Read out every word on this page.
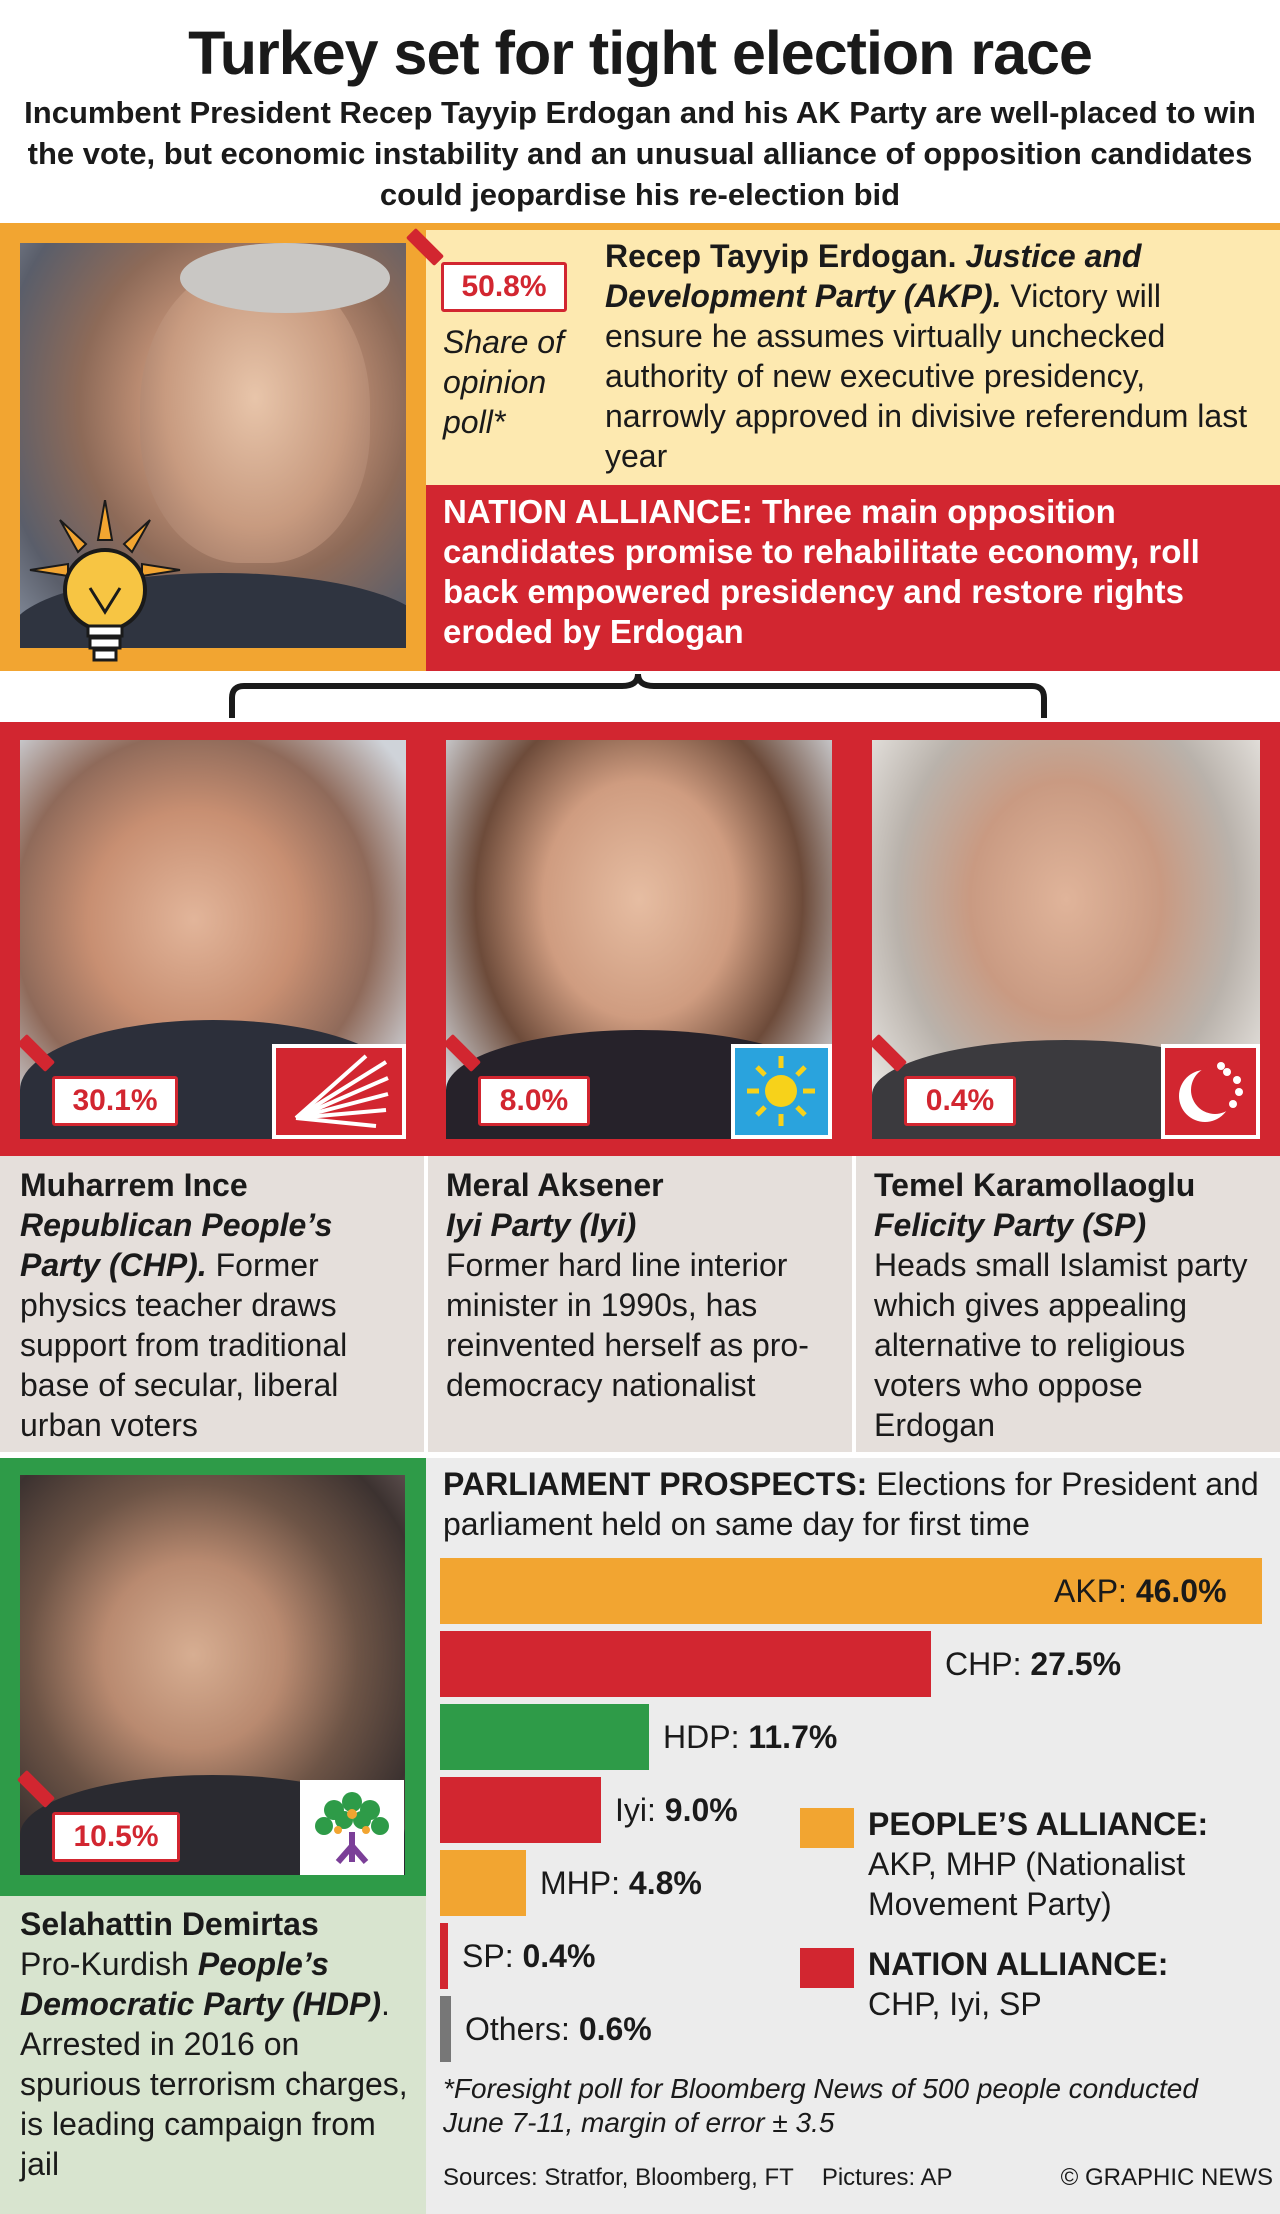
Turkey set for tight election race
Incumbent President Recep Tayyip Erdogan and his AK Party are well-placed to win the vote, but economic instability and an unusual alliance of opposition candidates could jeopardise his re-election bid
50.8%
Share of opinion poll*
Recep Tayyip Erdogan. Justice and Development Party (AKP). Victory will ensure he assumes virtually unchecked authority of new executive presidency, narrowly approved in divisive referendum last year
NATION ALLIANCE: Three main opposition candidates promise to rehabilitate economy, roll back empowered presidency and restore rights eroded by Erdogan
30.1%	8.0%	0.4%
Muharrem Ince
Republican People’s Party (CHP). Former physics teacher draws support from traditional base of secular, liberal urban voters
Meral Aksener
Iyi Party (Iyi)
Former hard line interior minister in 1990s, has reinvented herself as pro-democracy nationalist
Temel Karamollaoglu
Felicity Party (SP)
Heads small Islamist party which gives appealing alternative to religious voters who oppose Erdogan
10.5%
Selahattin Demirtas
Pro-Kurdish People’s Democratic Party (HDP). Arrested in 2016 on spurious terrorism charges, is leading campaign from jail
PARLIAMENT PROSPECTS: Elections for President and parliament held on same day for first time
AKP: 46.0%
CHP: 27.5%
HDP: 11.7%
Iyi: 9.0%
MHP: 4.8%
SP: 0.4%
Others: 0.6%
PEOPLE’S ALLIANCE:
AKP, MHP (Nationalist Movement Party)
NATION ALLIANCE:
CHP, Iyi, SP
*Foresight poll for Bloomberg News of 500 people conducted June 7-11, margin of error ± 3.5
Sources: Stratfor, Bloomberg, FT Pictures: AP	© GRAPHIC NEWS
